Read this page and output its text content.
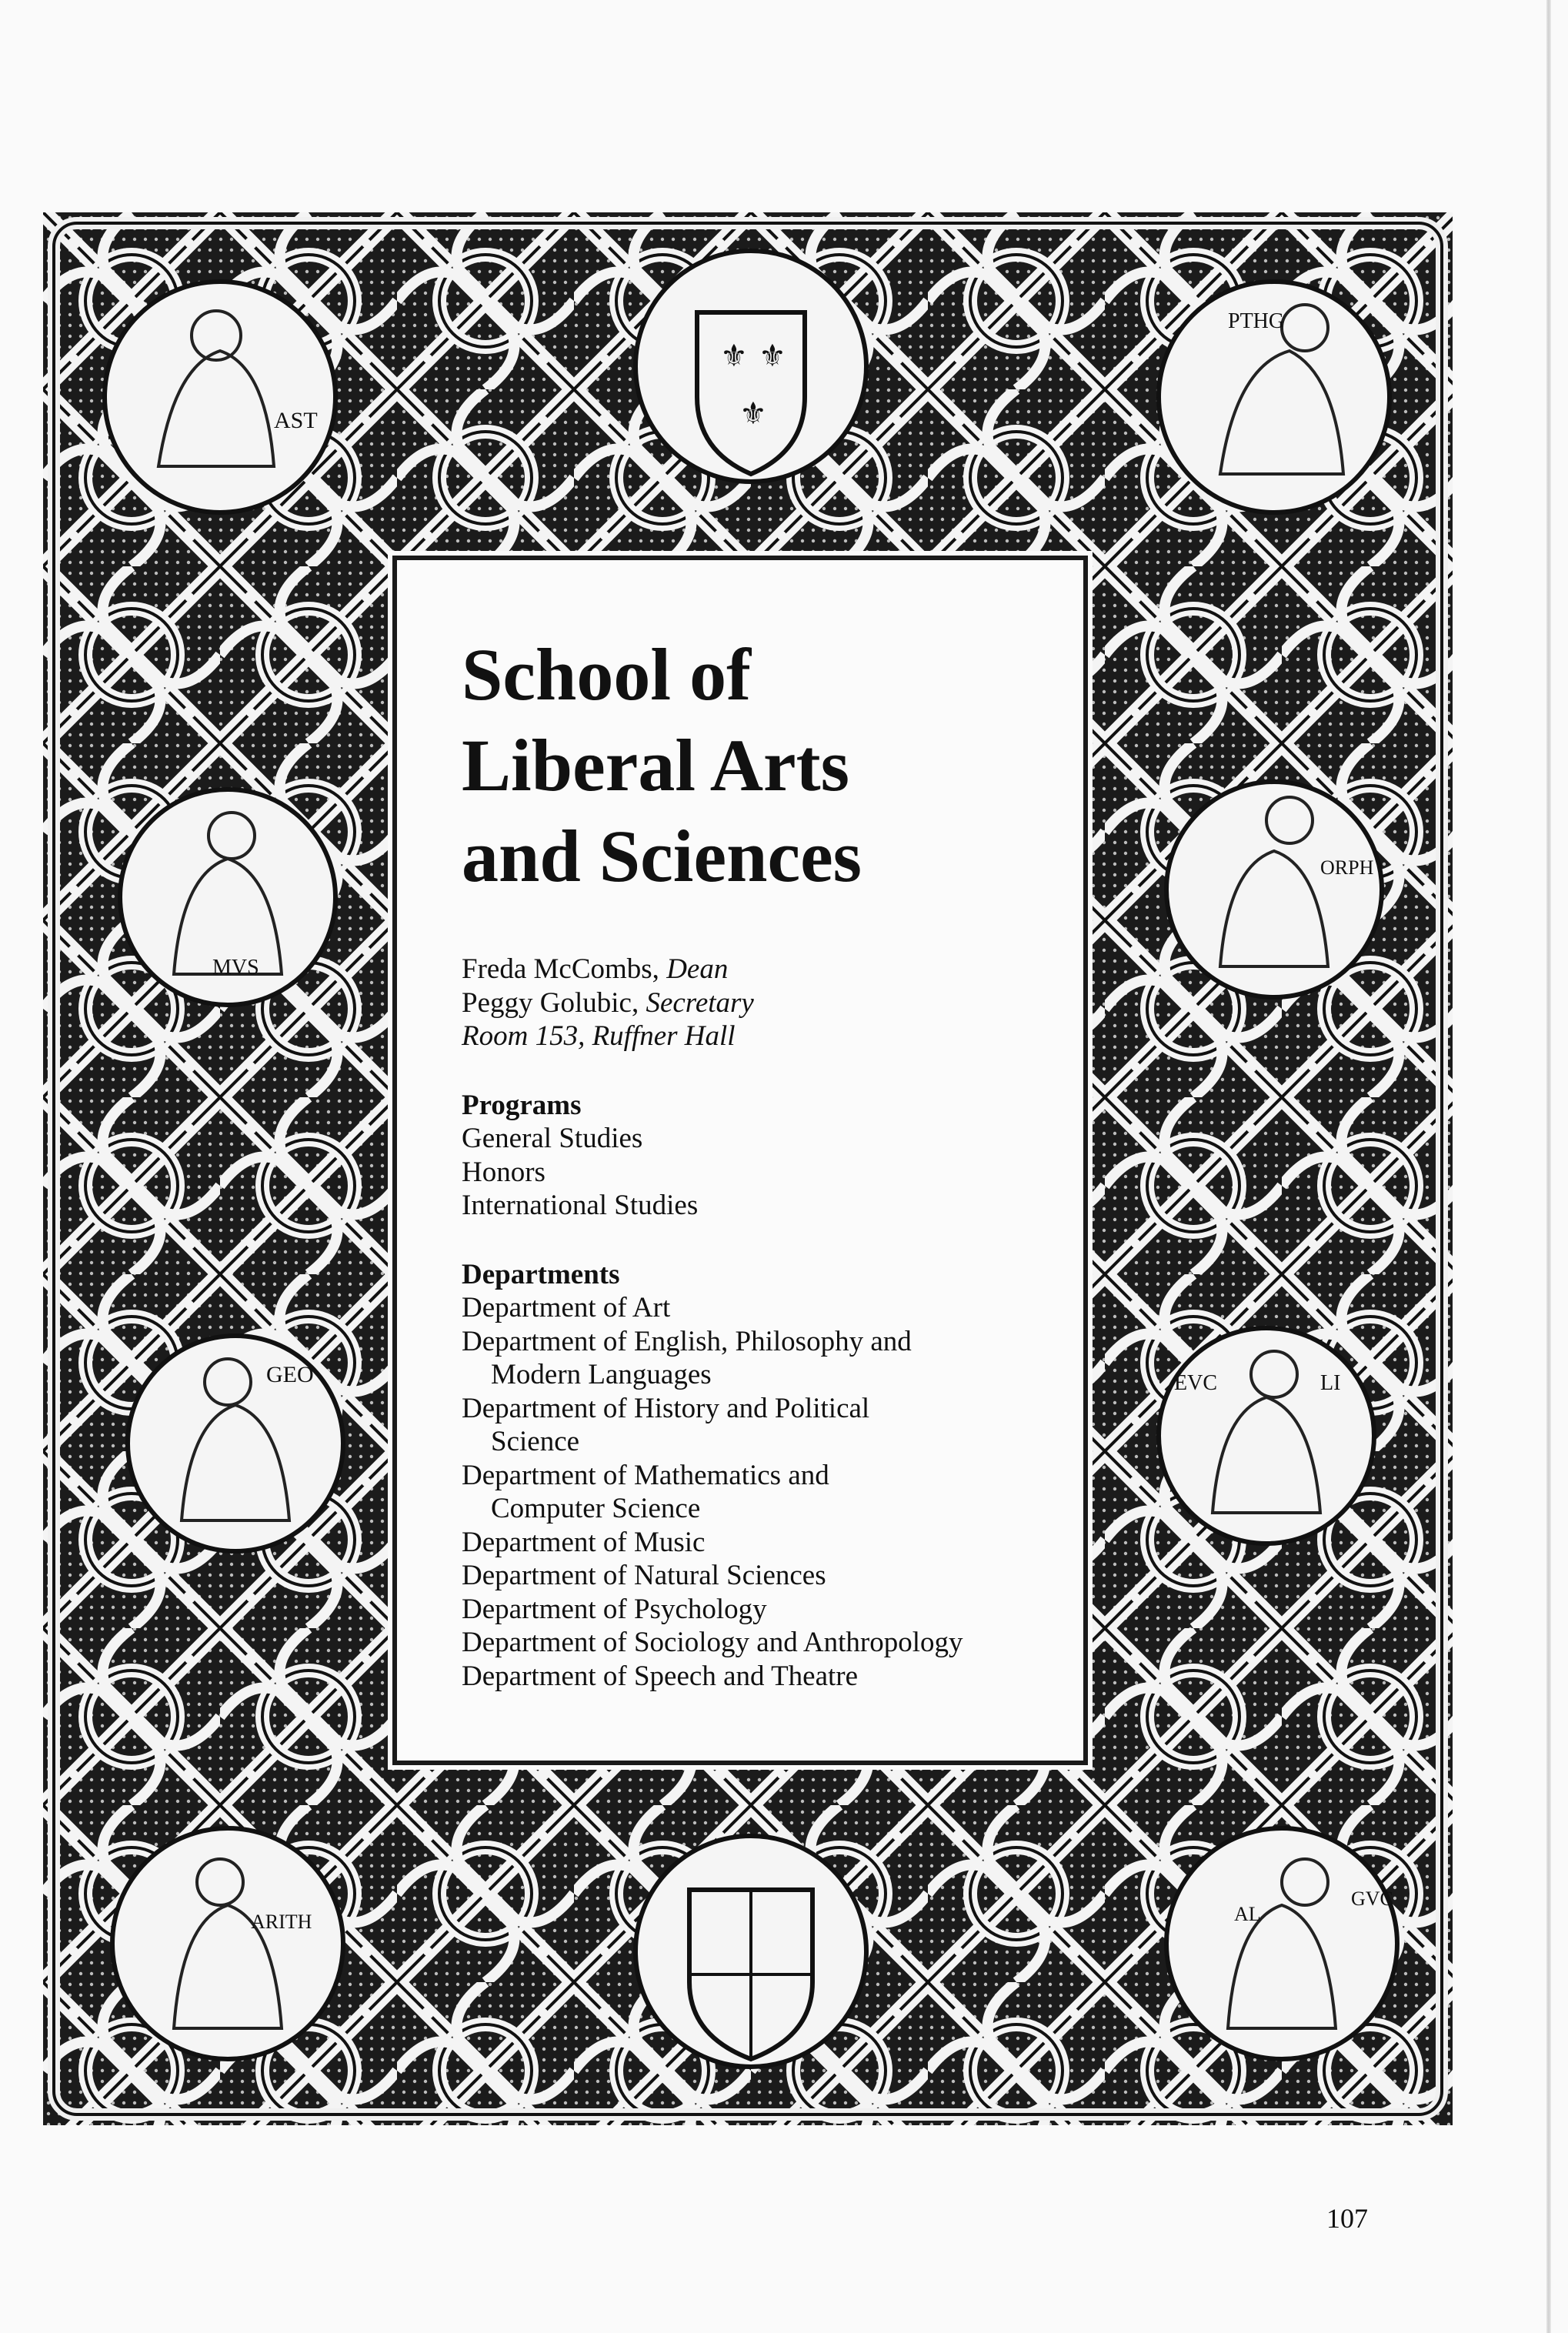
AST
⚜ ⚜
⚜
PTHG
MVS
ORPH
GEO	EVC	LI
ARITH	AL
GVC
School of
Liberal Arts
and Sciences

Freda McCombs, Dean

Peggy Golubic, Secretary

Room 153, Ruffner Hall

Programs

General Studies

Honors

International Studies

Departments

Department of Art

Department of English, Philosophy and

Modern Languages

Department of History and Political

Science

Department of Mathematics and

Computer Science

Department of Music

Department of Natural Sciences

Department of Psychology

Department of Sociology and Anthropology

Department of Speech and Theatre

107
